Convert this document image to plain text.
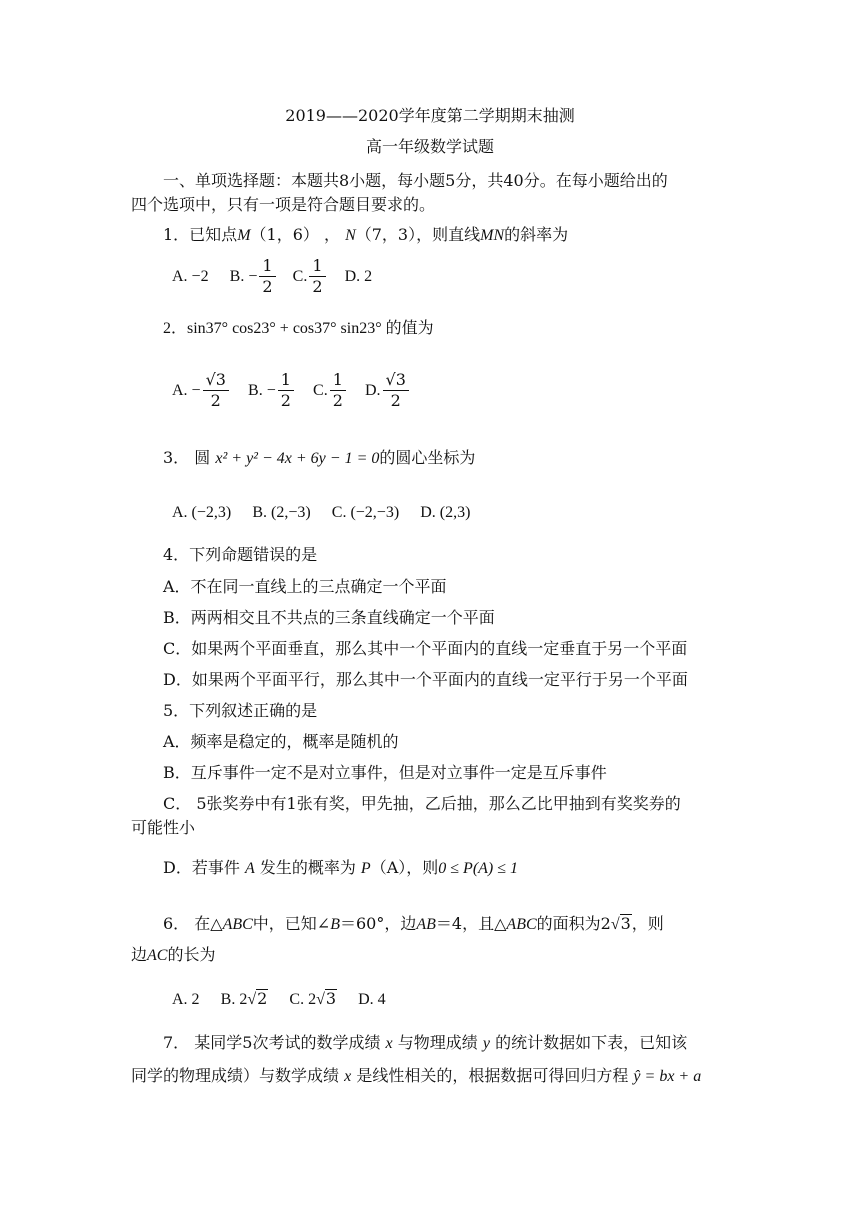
2019——2020学年度第二学期期末抽测
高一年级数学试题
一、单项选择题：本题共8小题，每小题5分，共40分。在每小题给出的
四个选项中，只有一项是符合题目要求的。
1．已知点M（1，6） ， N（7，3），则直线MN的斜率为
A. −2 B. − $\frac{1}{2} C$. $\frac{1}{2} D$. 2
2．sin37° cos23° + cos37° sin23° 的值为
A. − $\frac{√3}{2} B$. − $\frac{1}{2} C$. $\frac{1}{2} D$. $\frac{√3}{2}$
3． 圆 x² + y² − 4x + 6y − 1 = 0的圆心坐标为
A. (−2,3) B. (2,−3) C. (−2,−3) D. (2,3)
4．下列命题错误的是
A．不在同一直线上的三点确定一个平面
B．两两相交且不共点的三条直线确定一个平面
C．如果两个平面垂直，那么其中一个平面内的直线一定垂直于另一个平面
D．如果两个平面平行，那么其中一个平面内的直线一定平行于另一个平面
5．下列叙述正确的是
A．频率是稳定的，概率是随机的
B．互斥事件一定不是对立事件，但是对立事件一定是互斥事件
C． 5张奖券中有1张有奖，甲先抽，乙后抽，那么乙比甲抽到有奖奖券的
可能性小
D．若事件 A 发生的概率为 P（A），则0 ≤ P(A) ≤ 1
6． 在△ABC中，已知∠B＝60°，边AB＝4，且△ABC的面积为2√3，则
边AC的长为
A. 2 B. 2√2 C. 2√3 D. 4
7． 某同学5次考试的数学成绩 x 与物理成绩 y 的统计数据如下表，已知该
同学的物理成绩）与数学成绩 x 是线性相关的，根据数据可得回归方程 ŷ = bx + a
